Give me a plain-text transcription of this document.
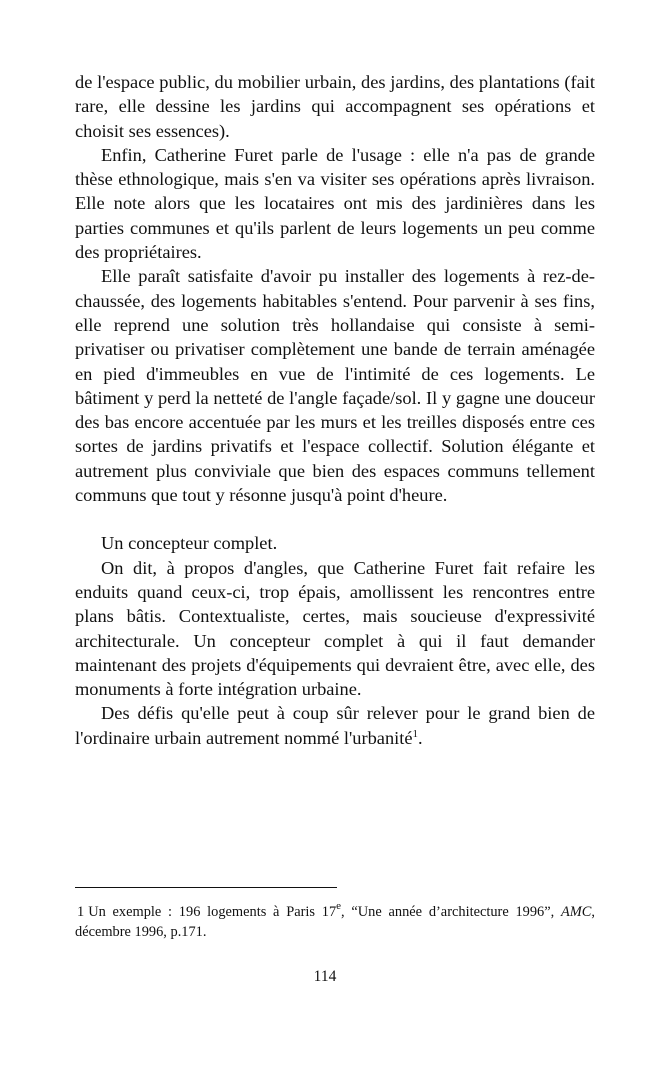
de l'espace public, du mobilier urbain, des jardins, des plantations (fait rare, elle dessine les jardins qui accompagnent ses opérations et choisit ses essences).

Enfin, Catherine Furet parle de l'usage : elle n'a pas de grande thèse ethnologique, mais s'en va visiter ses opérations après livraison. Elle note alors que les locataires ont mis des jardinières dans les parties communes et qu'ils parlent de leurs logements un peu comme des propriétaires.

Elle paraît satisfaite d'avoir pu installer des logements à rez-de-chaussée, des logements habitables s'entend. Pour parvenir à ses fins, elle reprend une solution très hollandaise qui consiste à semi-privatiser ou privatiser complètement une bande de terrain aménagée en pied d'immeubles en vue de l'intimité de ces logements. Le bâtiment y perd la netteté de l'angle façade/sol. Il y gagne une douceur des bas encore accentuée par les murs et les treilles disposés entre ces sortes de jardins privatifs et l'espace collectif. Solution élégante et autrement plus conviviale que bien des espaces communs tellement communs que tout y résonne jusqu'à point d'heure.

Un concepteur complet.

On dit, à propos d'angles, que Catherine Furet fait refaire les enduits quand ceux-ci, trop épais, amollissent les rencontres entre plans bâtis. Contextualiste, certes, mais soucieuse d'expressivité architecturale. Un concepteur complet à qui il faut demander maintenant des projets d'équipements qui devraient être, avec elle, des monuments à forte intégration urbaine.

Des défis qu'elle peut à coup sûr relever pour le grand bien de l'ordinaire urbain autrement nommé l'urbanité$^1$.

1 Un exemple : 196 logements à Paris 17e, “Une année d’architecture 1996”, AMC, décembre 1996, p.171.

114
